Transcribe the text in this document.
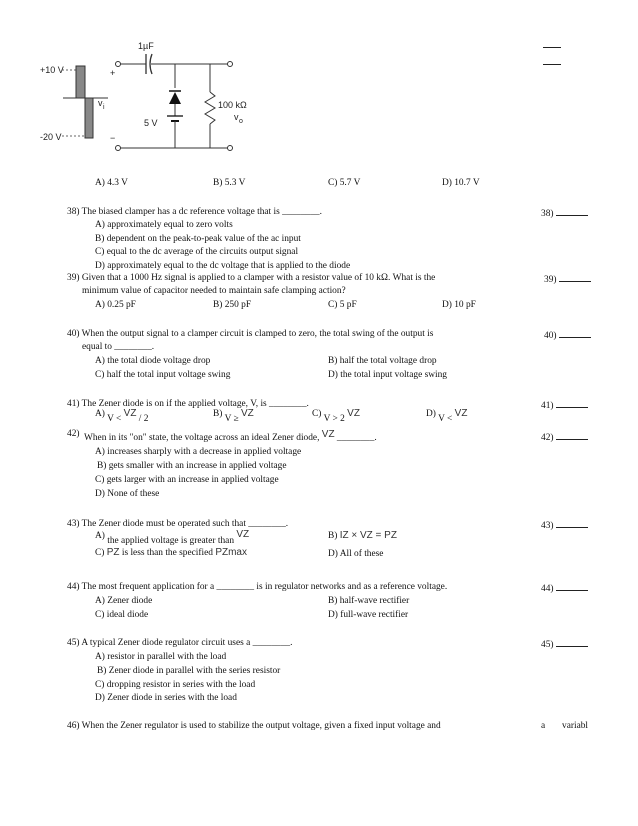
+10 V
-20 V
v i
+
−
1µF
5 V
100 kΩ
v o
A) 4.3 V	B) 5.3 V	C) 5.7 V	D) 10.7 V
38) The biased clamper has a dc reference voltage that is ________.	38)
A) approximately equal to zero volts
B) dependent on the peak-to-peak value of the ac input
C) equal to the dc average of the circuits output signal
D) approximately equal to the dc voltage that is applied to the diode
39) Given that a 1000 Hz signal is applied to a clamper with a resistor value of 10 kΩ. What is the	39)
minimum value of capacitor needed to maintain safe clamping action?
A) 0.25 pF	B) 250 pF	C) 5 pF	D) 10 pF
40) When the output signal to a clamper circuit is clamped to zero, the total swing of the output is	40)
equal to ________.
A) the total diode voltage drop	B) half the total voltage drop
C) half the total input voltage swing	D) the total input voltage swing
41) The Zener diode is on if the applied voltage, V, is ________.	41)
A) V < VZ / 2	B) V ≥ VZ	C) V > 2 VZ	D) V < VZ
42) When in its "on" state, the voltage across an ideal Zener diode, VZ ________.	42)
A) increases sharply with a decrease in applied voltage
B) gets smaller with an increase in applied voltage
C) gets larger with an increase in applied voltage
D) None of these
43) The Zener diode must be operated such that ________.	43)
A) the applied voltage is greater than VZ	B) IZ × VZ = PZ
C) PZ is less than the specified PZmax	D) All of these
44) The most frequent application for a ________ is in regulator networks and as a reference voltage.	44)
A) Zener diode	B) half-wave rectifier
C) ideal diode	D) full-wave rectifier
45) A typical Zener diode regulator circuit uses a ________.	45)
A) resistor in parallel with the load
B) Zener diode in parallel with the series resistor
C) dropping resistor in series with the load
D) Zener diode in series with the load
46) When the Zener regulator is used to stabilize the output voltage, given a fixed input voltage and	a variabl
